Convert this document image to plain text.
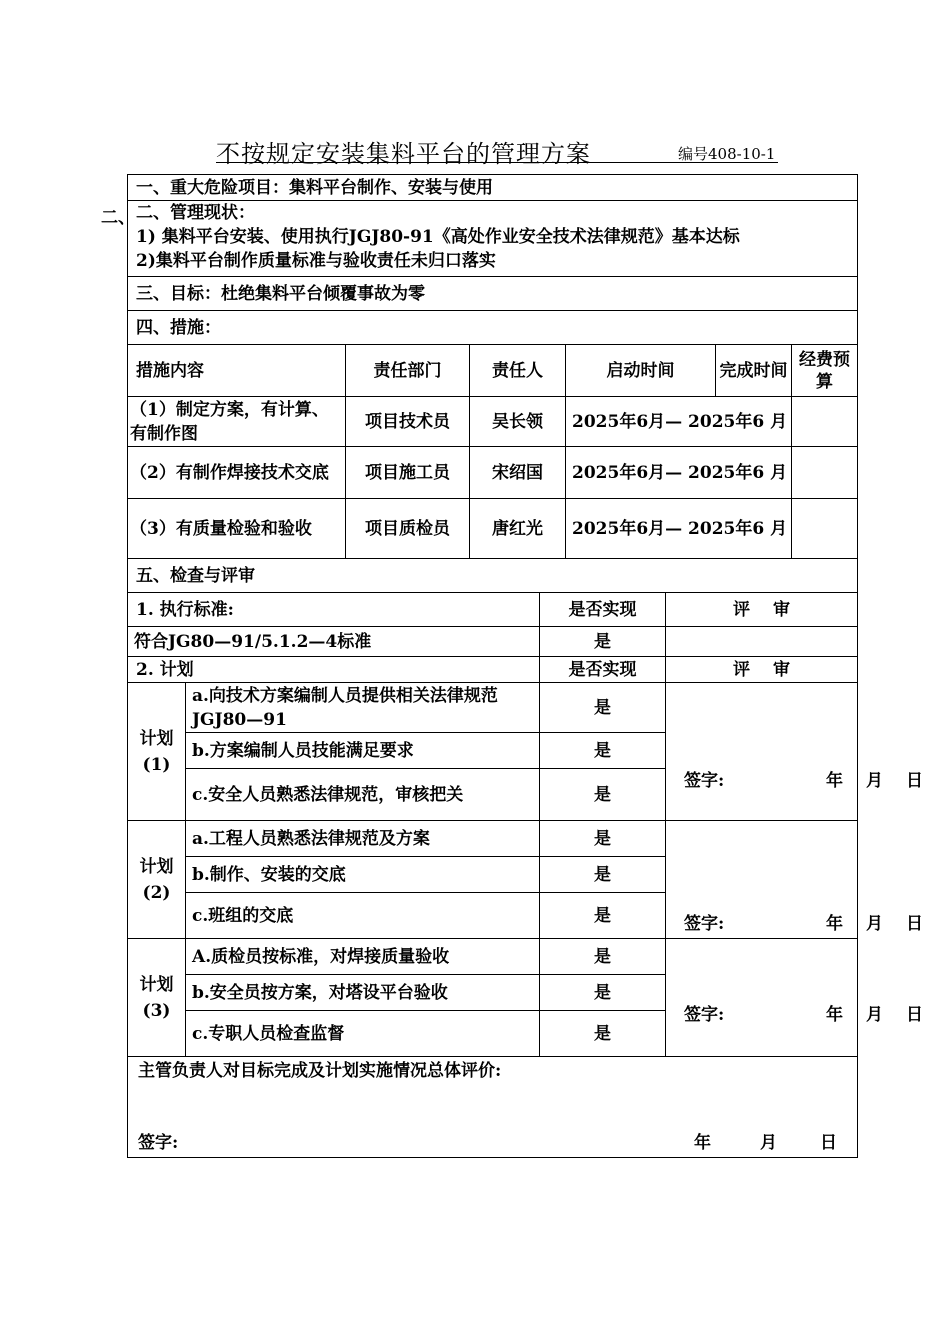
不按规定安装集料平台的管理方案	编号408-10-1
二、
一、重大危险项目：集料平台制作、安装与使用								

二、管理现状：
1) 集料平台安装、使用执行JGJ80-91《高处作业安全技术法律规范》基本达标
2)集料平台制作质量标准与验收责任未归口落实								

三、目标：杜绝集料平台倾覆事故为零								
四、措施：								
措施内容		责任部门	责任人		启动时间		完成时间	经费预算
（1）制定方案，有计算、有制作图		项目技术员	吴长领		2025年6月— 2025年6 月			
（2）有制作焊接技术交底		项目施工员	宋绍国		2025年6月— 2025年6 月			
（3）有质量检验和验收		项目质检员	唐红光		2025年6月— 2025年6 月			
五、检查与评审								
1. 执行标准:				是否实现		评　 审		
符合JG80—91/5.1.2—4标准				是				
2. 计划				是否实现		评　 审		
计划(1)	a.向技术方案编制人员提供相关法律规范JGJ80—91			是		签字: 年 月 日		

	b.方案编制人员技能满足要求			是				
	c.安全人员熟悉法律规范，审核把关			是				
计划(2)	a.工程人员熟悉法律规范及方案			是		签字: 年 月 日		

	b.制作、安装的交底			是				
	c.班组的交底			是				
计划(3)	A.质检员按标准，对焊接质量验收			是		签字: 年 月 日		

	b.安全员按方案，对塔设平台验收			是				
	c.专职人员检查监督			是				

主管负责人对目标完成及计划实施情况总体评价:
签字: 年 月 日								
